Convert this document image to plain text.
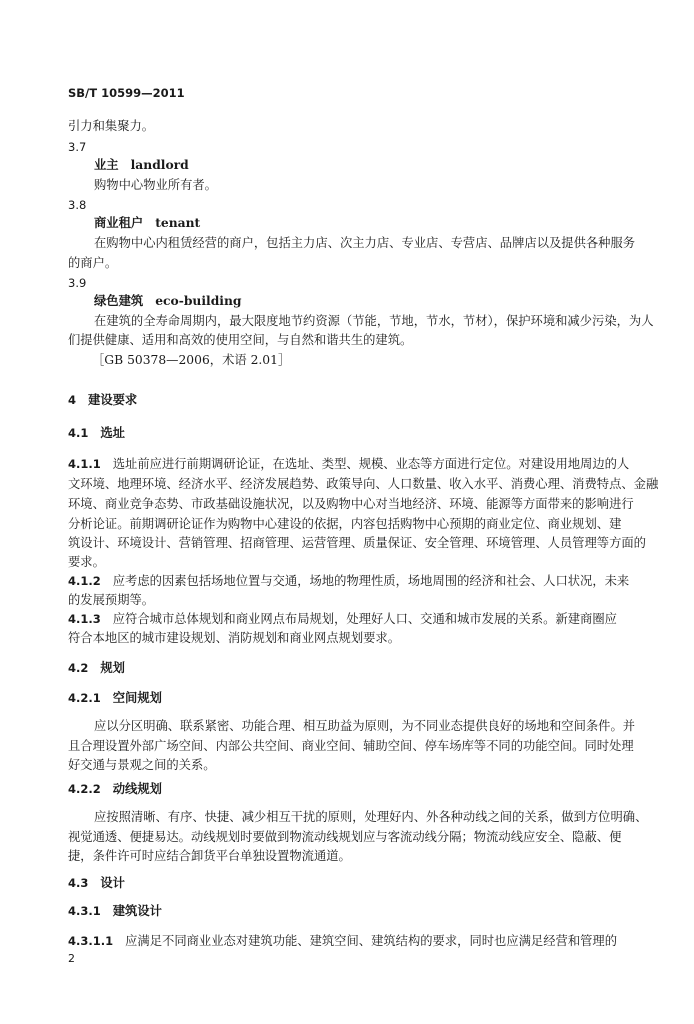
SB/T 10599—2011
引力和集聚力。
3.7
业主 landlord
购物中心物业所有者。
3.8
商业租户 tenant
在购物中心内租赁经营的商户，包括主力店、次主力店、专业店、专营店、品牌店以及提供各种服务
的商户。
3.9
绿色建筑 eco-building
在建筑的全寿命周期内，最大限度地节约资源（节能，节地，节水，节材），保护环境和减少污染，为人
们提供健康、适用和高效的使用空间，与自然和谐共生的建筑。
［GB 50378—2006，术语 2.01］
4 建设要求
4.1 选址
4.1.1 选址前应进行前期调研论证，在选址、类型、规模、业态等方面进行定位。对建设用地周边的人
文环境、地理环境、经济水平、经济发展趋势、政策导向、人口数量、收入水平、消费心理、消费特点、金融
环境、商业竞争态势、市政基础设施状况，以及购物中心对当地经济、环境、能源等方面带来的影响进行
分析论证。前期调研论证作为购物中心建设的依据，内容包括购物中心预期的商业定位、商业规划、建
筑设计、环境设计、营销管理、招商管理、运营管理、质量保证、安全管理、环境管理、人员管理等方面的
要求。
4.1.2 应考虑的因素包括场地位置与交通，场地的物理性质，场地周围的经济和社会、人口状况，未来
的发展预期等。
4.1.3 应符合城市总体规划和商业网点布局规划，处理好人口、交通和城市发展的关系。新建商圈应
符合本地区的城市建设规划、消防规划和商业网点规划要求。
4.2 规划
4.2.1 空间规划
应以分区明确、联系紧密、功能合理、相互助益为原则，为不同业态提供良好的场地和空间条件。并
且合理设置外部广场空间、内部公共空间、商业空间、辅助空间、停车场库等不同的功能空间。同时处理
好交通与景观之间的关系。
4.2.2 动线规划
应按照清晰、有序、快捷、减少相互干扰的原则，处理好内、外各种动线之间的关系，做到方位明确、
视觉通透、便捷易达。动线规划时要做到物流动线规划应与客流动线分隔；物流动线应安全、隐蔽、便
捷，条件许可时应结合卸货平台单独设置物流通道。
4.3 设计
4.3.1 建筑设计
4.3.1.1 应满足不同商业业态对建筑功能、建筑空间、建筑结构的要求，同时也应满足经营和管理的
2
